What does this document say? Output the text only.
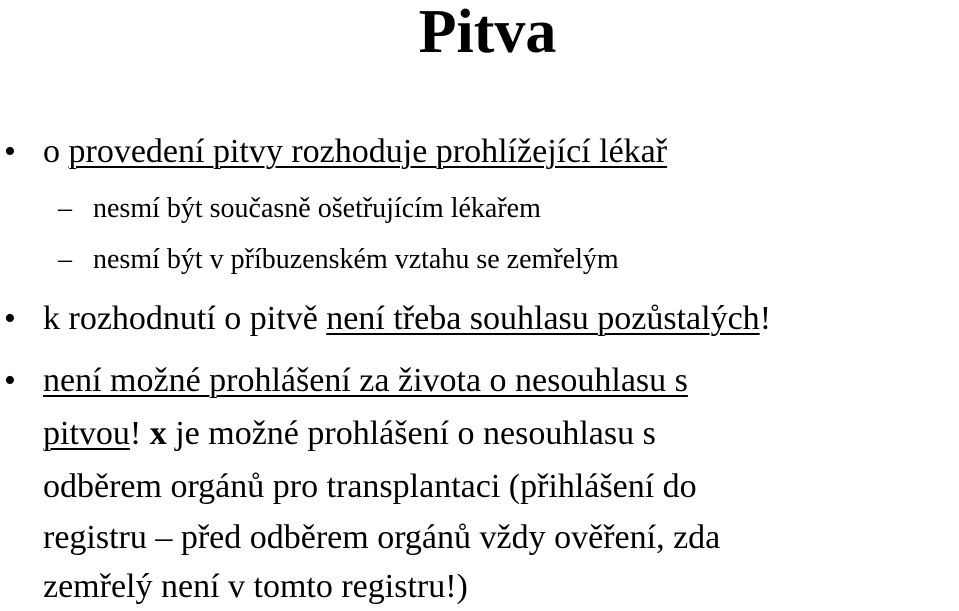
Pitva
• o provedení pitvy rozhoduje prohlížející lékař
– nesmí být současně ošetřujícím lékařem
– nesmí být v příbuzenském vztahu se zemřelým
• k rozhodnutí o pitvě není třeba souhlasu pozůstalých!
• není možné prohlášení za života o nesouhlasu s
pitvou! x je možné prohlášení o nesouhlasu s
odběrem orgánů pro transplantaci (přihlášení do
registru – před odběrem orgánů vždy ověření, zda
zemřelý není v tomto registru!)
